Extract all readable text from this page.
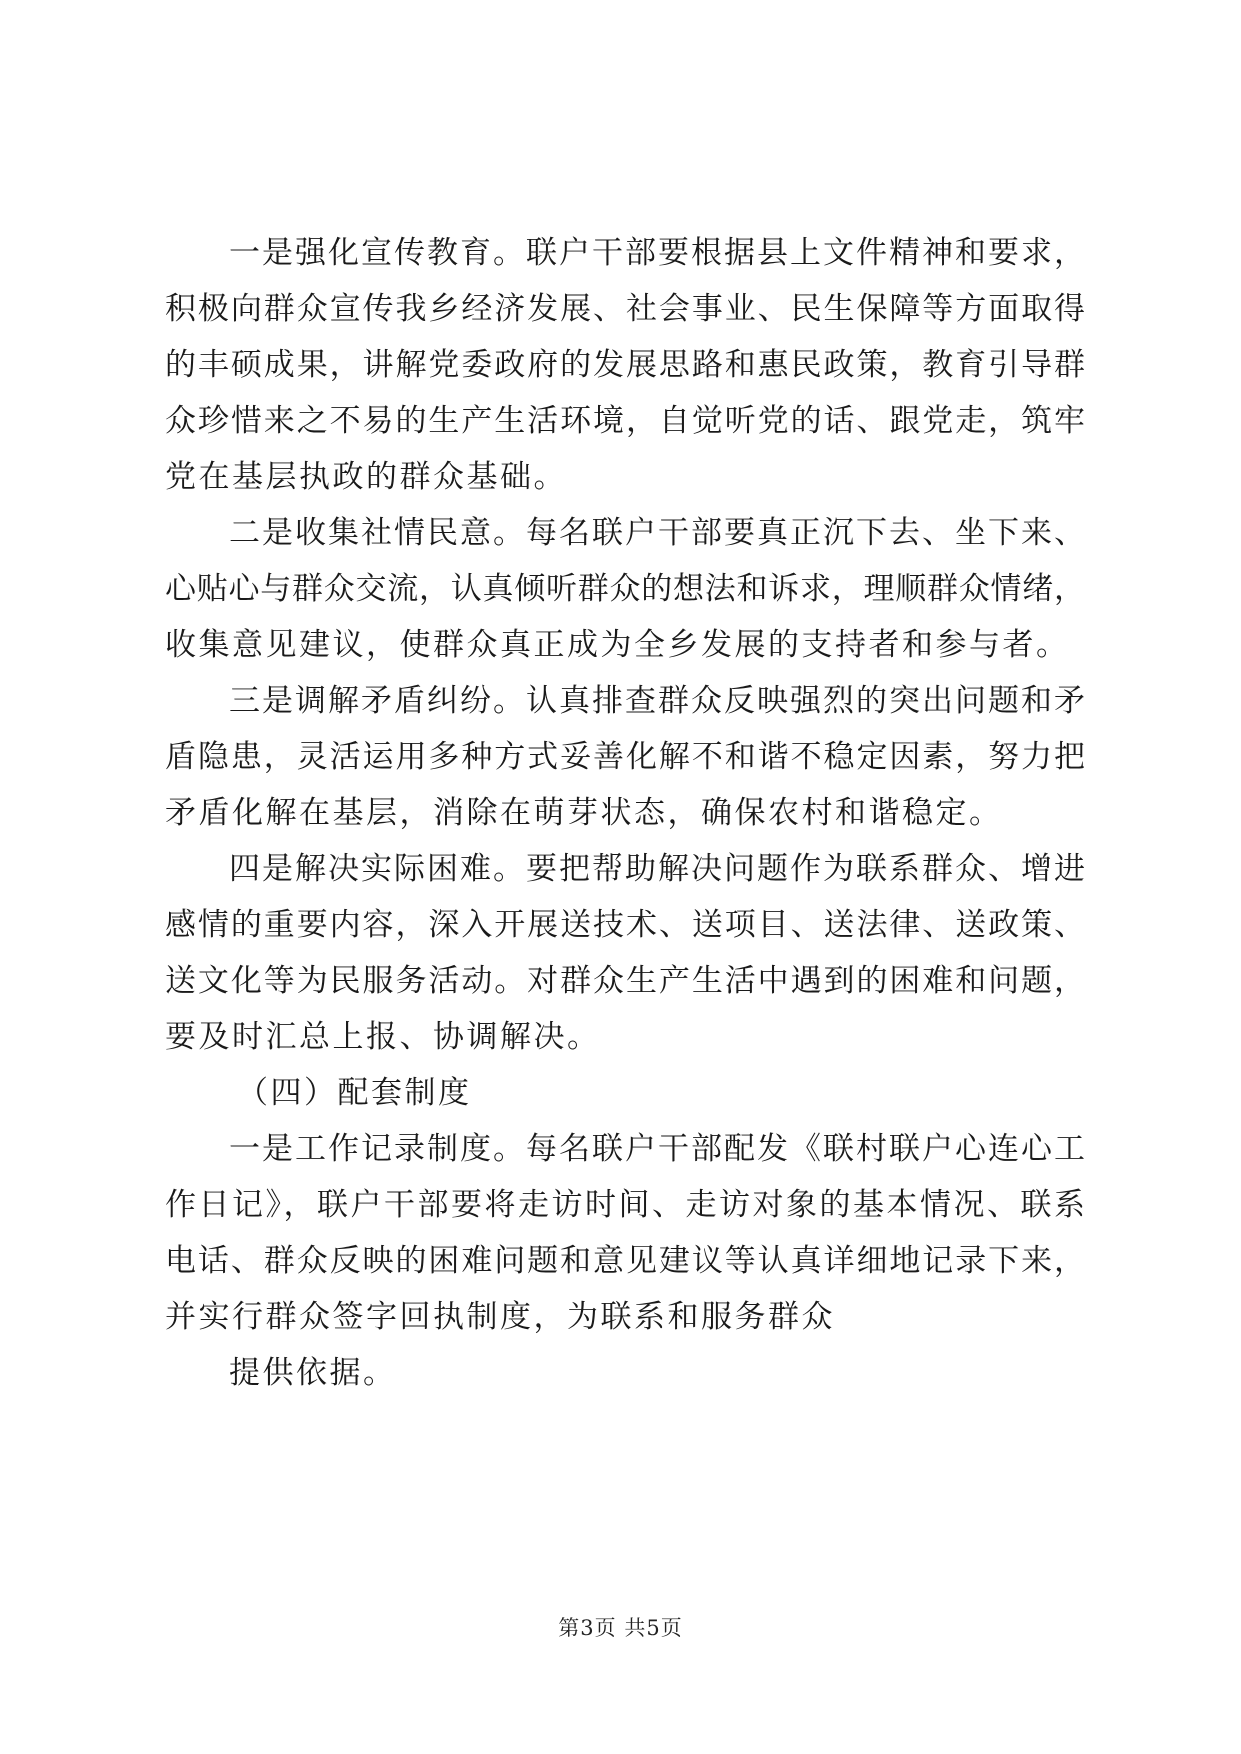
一是强化宣传教育。联户干部要根据县上文件精神和要求，
积极向群众宣传我乡经济发展、社会事业、民生保障等方面取得
的丰硕成果，讲解党委政府的发展思路和惠民政策，教育引导群
众珍惜来之不易的生产生活环境，自觉听党的话、跟党走，筑牢
党在基层执政的群众基础。
二是收集社情民意。每名联户干部要真正沉下去、坐下来、
心贴心与群众交流，认真倾听群众的想法和诉求，理顺群众情绪，
收集意见建议，使群众真正成为全乡发展的支持者和参与者。
三是调解矛盾纠纷。认真排查群众反映强烈的突出问题和矛
盾隐患，灵活运用多种方式妥善化解不和谐不稳定因素，努力把
矛盾化解在基层，消除在萌芽状态，确保农村和谐稳定。
四是解决实际困难。要把帮助解决问题作为联系群众、增进
感情的重要内容，深入开展送技术、送项目、送法律、送政策、
送文化等为民服务活动。对群众生产生活中遇到的困难和问题，
要及时汇总上报、协调解决。
（四）配套制度
一是工作记录制度。每名联户干部配发《联村联户心连心工
作日记》，联户干部要将走访时间、走访对象的基本情况、联系
电话、群众反映的困难问题和意见建议等认真详细地记录下来，
并实行群众签字回执制度，为联系和服务群众
提供依据。
第3页 共5页
